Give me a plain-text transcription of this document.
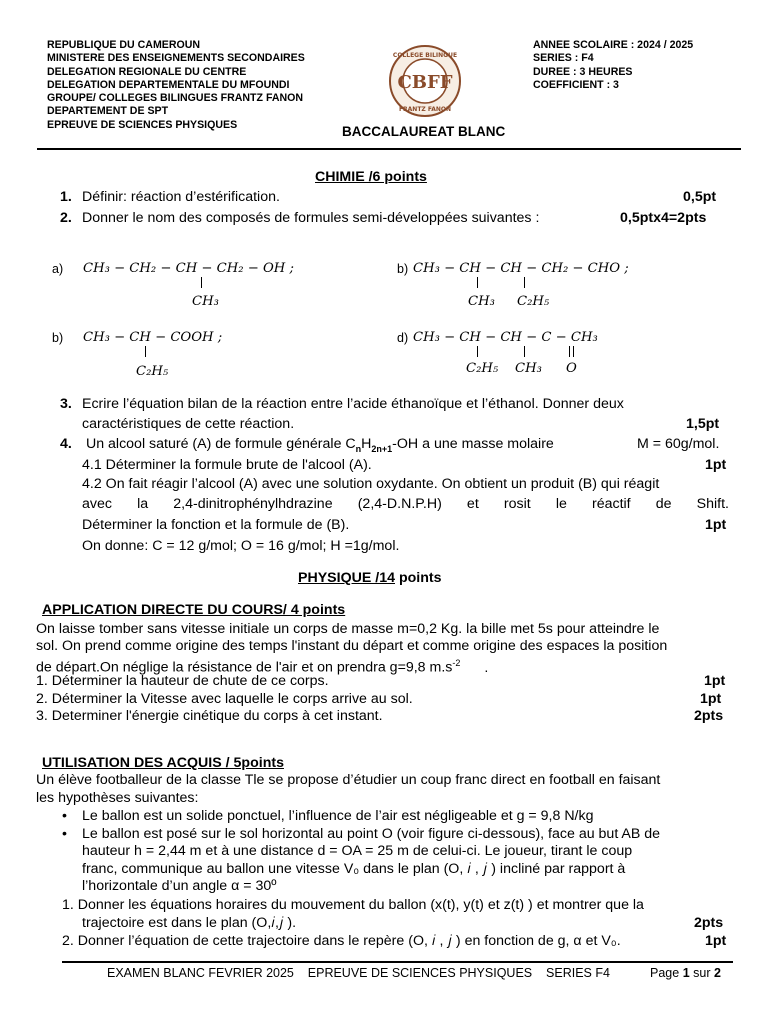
REPUBLIQUE DU CAMEROUN
MINISTERE DES ENSEIGNEMENTS SECONDAIRES
DELEGATION REGIONALE DU CENTRE
DELEGATION DEPARTEMENTALE DU MFOUNDI
GROUPE/ COLLEGES BILINGUES FRANTZ FANON
DEPARTEMENT DE SPT
EPREUVE DE SCIENCES PHYSIQUES
CBFF
COLLEGE BILINGUE
FRANTZ FANON
ANNEE SCOLAIRE : 2024 / 2025
SERIES : F4
DUREE : 3 HEURES
COEFFICIENT : 3
BACCALAUREAT BLANC
CHIMIE /6 points
1. Définir: réaction d’estérification.	0,5pt
2. Donner le nom des composés de formules semi-développées suivantes :	0,5ptx4=2pts
a) CH₃ − CH₂ − CH − CH₂ − OH ;
CH₃
b) CH₃ − CH − CH − CH₂ − CHO ;
CH₃ C₂H₅
b) CH₃ − CH − COOH ;
C₂H₅
d) CH₃ − CH − CH − C − CH₃
C₂H₅ CH₃ O
3. Ecrire l’équation bilan de la réaction entre l’acide éthanoïque et l’éthanol. Donner deux
caractéristiques de cette réaction.	1,5pt
4. Un alcool saturé (A) de formule générale $C_nH_{2n+1}-OH$ a une masse molaire	M = 60g/mol.
4.1 Déterminer la formule brute de l'alcool (A).	1pt
4.2 On fait réagir l’alcool (A) avec une solution oxydante. On obtient un produit (B) qui réagit
avec la 2,4-dinitrophénylhdrazine (2,4-D.N.P.H) et rosit le réactif de Shift.
Déterminer la fonction et la formule de (B).	1pt
On donne: C = 12 g/mol; O = 16 g/mol; H =1g/mol.
PHYSIQUE /14 points
APPLICATION DIRECTE DU COURS/ 4 points
On laisse tomber sans vitesse initiale un corps de masse m=0,2 Kg. la bille met 5s pour atteindre le
sol. On prend comme origine des temps l'instant du départ et comme origine des espaces la position
de départ.On néglige la résistance de l'air et on prendra g=9,8 $m.s^{-2}$ .
1. Déterminer la hauteur de chute de ce corps.	1pt
2. Déterminer la Vitesse avec laquelle le corps arrive au sol.	1pt
3. Determiner l'énergie cinétique du corps à cet instant.	2pts
UTILISATION DES ACQUIS / 5points
Un élève footballeur de la classe Tle se propose d’étudier un coup franc direct en football en faisant
les hypothèses suivantes:
• Le ballon est un solide ponctuel, l’influence de l’air est négligeable et g = 9,8 N/kg
• Le ballon est posé sur le sol horizontal au point O (voir figure ci-dessous), face au but AB de
hauteur h = 2,44 m et à une distance d = OA = 25 m de celui-ci. Le joueur, tirant le coup
franc, communique au ballon une vitesse V₀ dans le plan (O, 𝑖 , 𝑗 ) incliné par rapport à
l’horizontale d’un angle α = 30º
1. Donner les équations horaires du mouvement du ballon (x(t), y(t) et z(t) ) et montrer que la
trajectoire est dans le plan (O,𝑖,𝑗 ).	2pts
2. Donner l’équation de cette trajectoire dans le repère (O, 𝑖 , 𝑗 ) en fonction de g, α et V₀.	1pt
EXAMEN BLANC FEVRIER 2025    EPREUVE DE SCIENCES PHYSIQUES    SERIES F4	Page 1 sur 2
